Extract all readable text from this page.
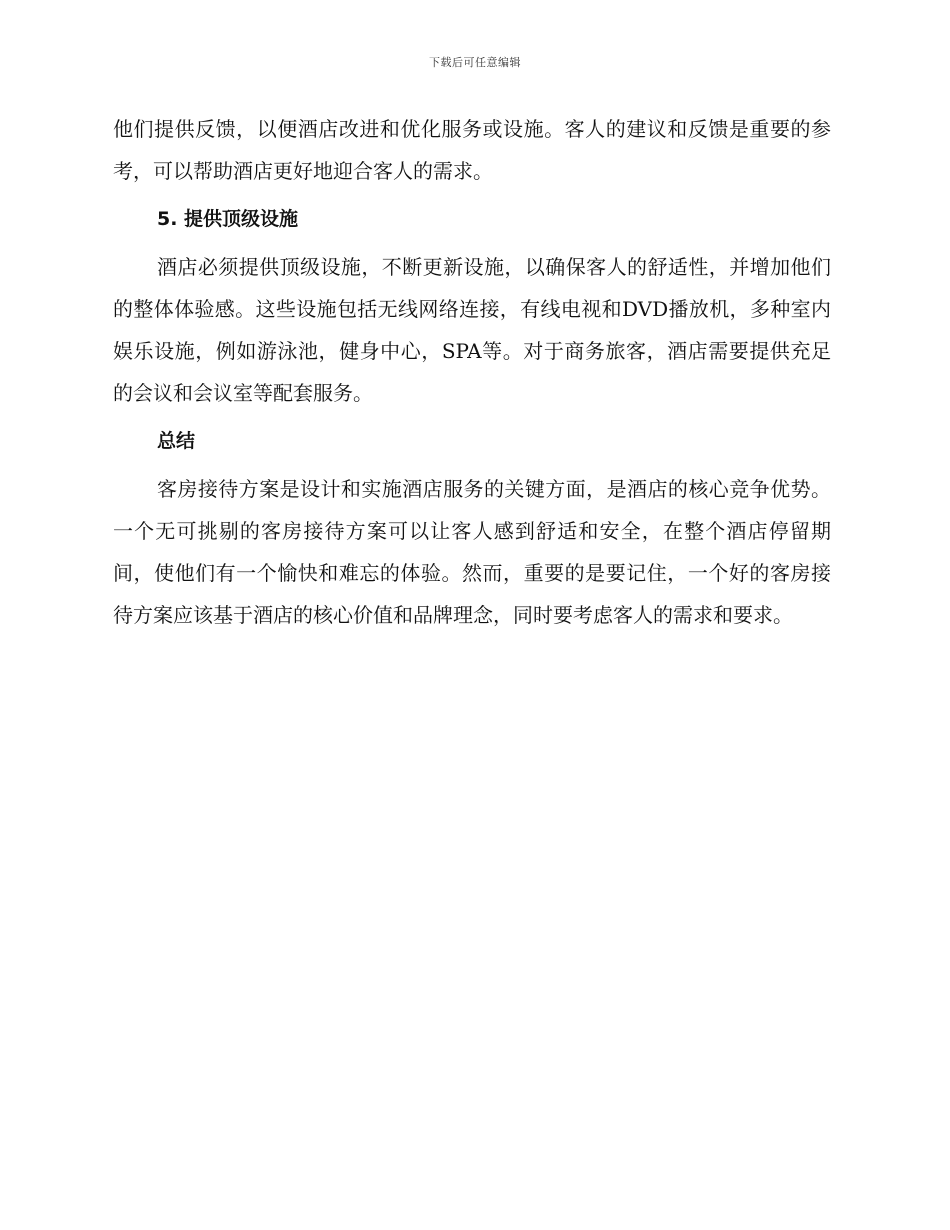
下载后可任意编辑

他们提供反馈，以便酒店改进和优化服务或设施。客人的建议和反馈是重要的参考，可以帮助酒店更好地迎合客人的需求。

5. 提供顶级设施

酒店必须提供顶级设施，不断更新设施，以确保客人的舒适性，并增加他们的整体体验感。这些设施包括无线网络连接，有线电视和DVD播放机，多种室内娱乐设施，例如游泳池，健身中心，SPA等。对于商务旅客，酒店需要提供充足的会议和会议室等配套服务。

总结

客房接待方案是设计和实施酒店服务的关键方面，是酒店的核心竞争优势。一个无可挑剔的客房接待方案可以让客人感到舒适和安全，在整个酒店停留期间，使他们有一个愉快和难忘的体验。然而，重要的是要记住，一个好的客房接待方案应该基于酒店的核心价值和品牌理念，同时要考虑客人的需求和要求。
